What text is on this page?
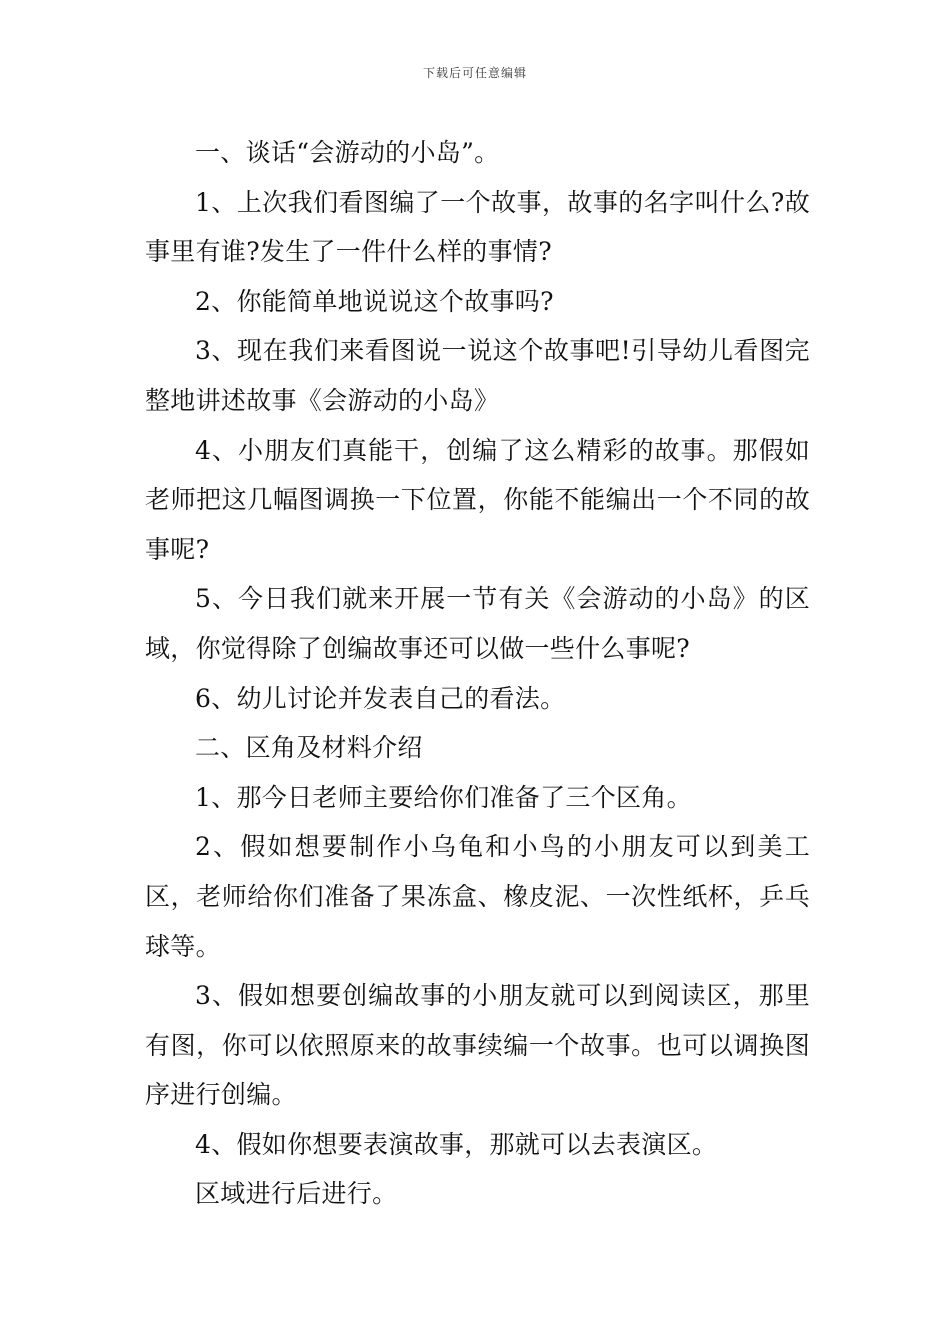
下载后可任意编辑

一、谈话“会游动的小岛”。

1、上次我们看图编了一个故事，故事的名字叫什么?故事里有谁?发生了一件什么样的事情?

2、你能简单地说说这个故事吗?

3、现在我们来看图说一说这个故事吧!引导幼儿看图完整地讲述故事《会游动的小岛》

4、小朋友们真能干，创编了这么精彩的故事。那假如老师把这几幅图调换一下位置，你能不能编出一个不同的故事呢?

5、今日我们就来开展一节有关《会游动的小岛》的区域，你觉得除了创编故事还可以做一些什么事呢?

6、幼儿讨论并发表自己的看法。

二、区角及材料介绍

1、那今日老师主要给你们准备了三个区角。

2、假如想要制作小乌龟和小鸟的小朋友可以到美工区，老师给你们准备了果冻盒、橡皮泥、一次性纸杯，乒乓球等。

3、假如想要创编故事的小朋友就可以到阅读区，那里有图，你可以依照原来的故事续编一个故事。也可以调换图序进行创编。

4、假如你想要表演故事，那就可以去表演区。

区域进行后进行。
